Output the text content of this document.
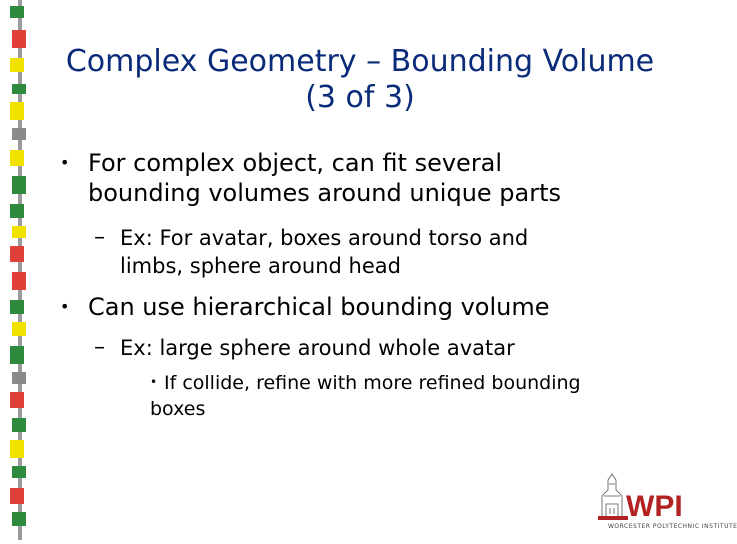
Complex Geometry – Bounding Volume
(3 of 3)
• For complex object, can fit several
bounding volumes around unique parts
– Ex: For avatar, boxes around torso and
limbs, sphere around head
• Can use hierarchical bounding volume
– Ex: large sphere around whole avatar
• If collide, refine with more refined bounding
boxes
WPI
WORCESTER POLYTECHNIC INSTITUTE
